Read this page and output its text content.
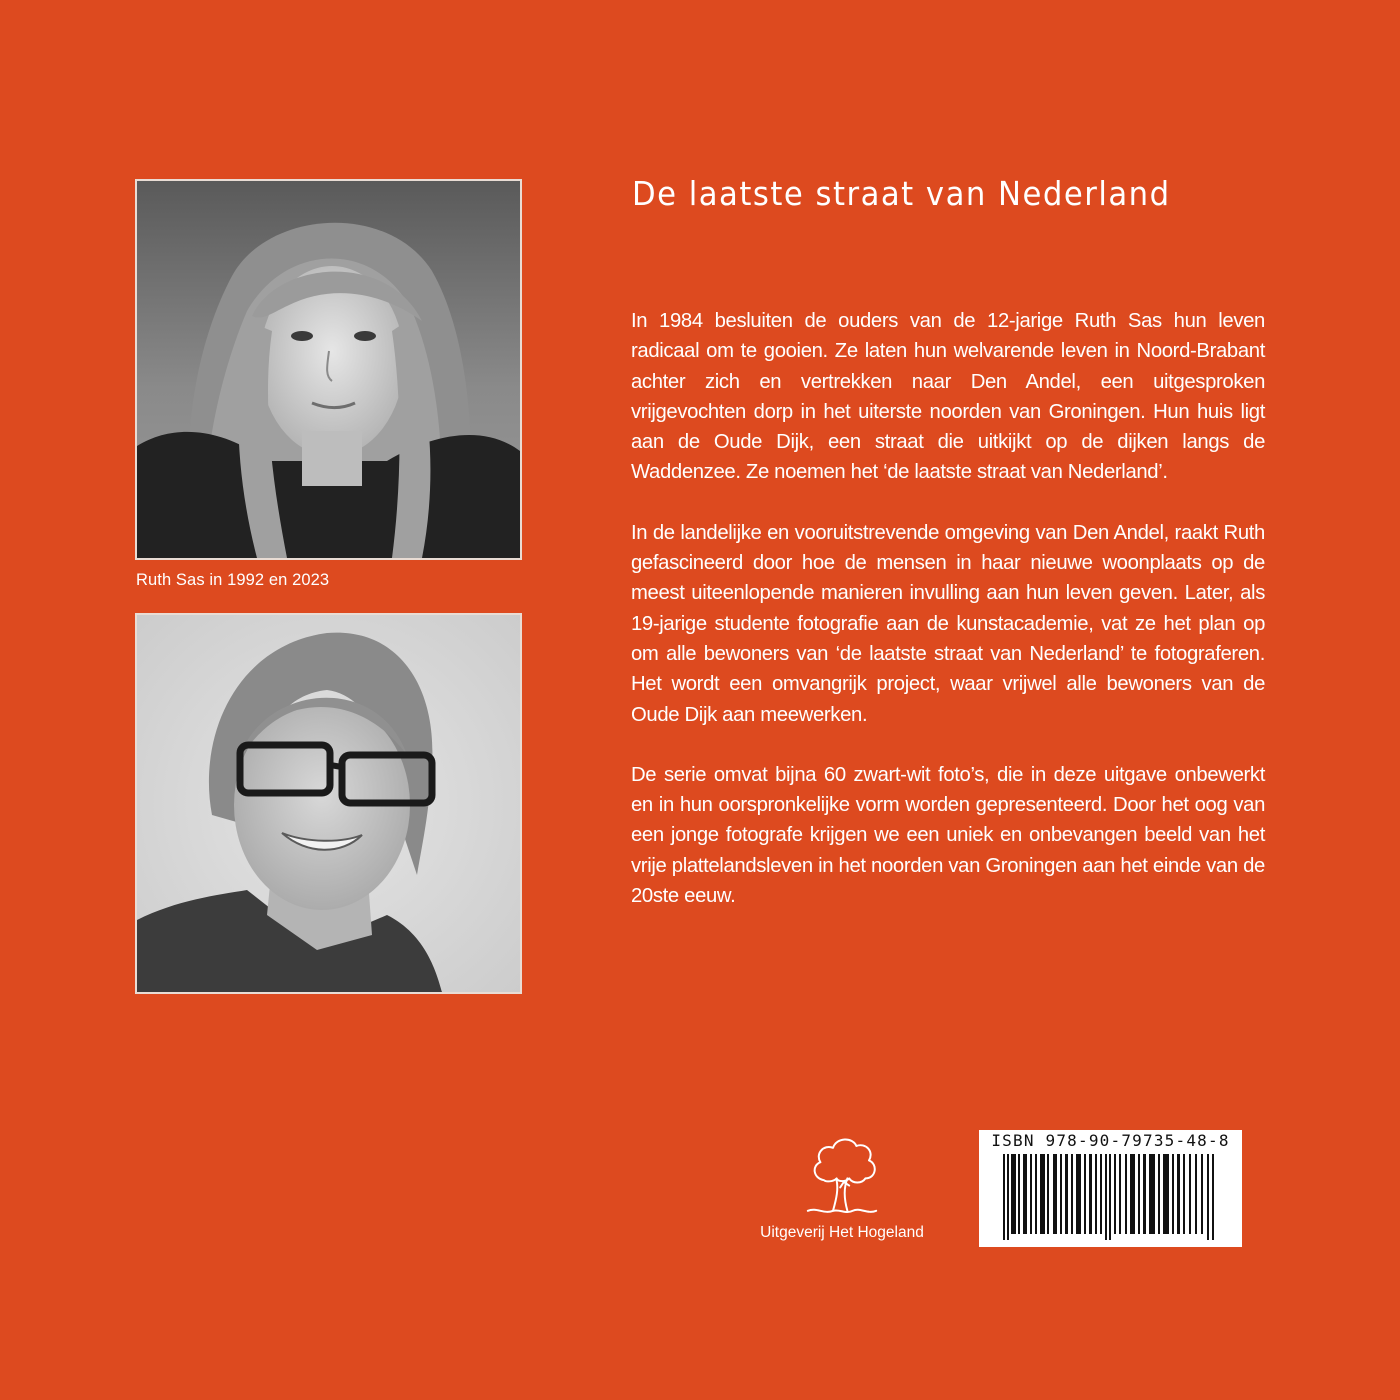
Ruth Sas in 1992 en 2023
De laatste straat van Nederland

In 1984 besluiten de ouders van de 12-jarige Ruth Sas hun leven radicaal om te gooien. Ze laten hun welvarende leven in Noord-Brabant achter zich en vertrekken naar Den Andel, een uitgesproken vrijgevochten dorp in het uiterste noorden van Groningen. Hun huis ligt aan de Oude Dijk, een straat die uitkijkt op de dijken langs de Waddenzee. Ze noemen het ‘de laatste straat van Nederland’.

In de landelijke en vooruitstrevende omgeving van Den Andel, raakt Ruth gefascineerd door hoe de mensen in haar nieuwe woonplaats op de meest uiteenlopende manieren invulling aan hun leven geven. Later, als 19-jarige studente fotografie aan de kunstacademie, vat ze het plan op om alle bewoners van ‘de laatste straat van Nederland’ te fotograferen. Het wordt een omvangrijk project, waar vrijwel alle bewoners van de Oude Dijk aan meewerken.

De serie omvat bijna 60 zwart-wit foto’s, die in deze uitgave onbewerkt en in hun oorspronkelijke vorm worden gepresenteerd. Door het oog van een jonge fotografe krijgen we een uniek en onbevangen beeld van het vrije plattelandsleven in het noorden van Groningen aan het einde van de 20ste eeuw.

Uitgeverij Het Hogeland
ISBN 978-90-79735-48-8
